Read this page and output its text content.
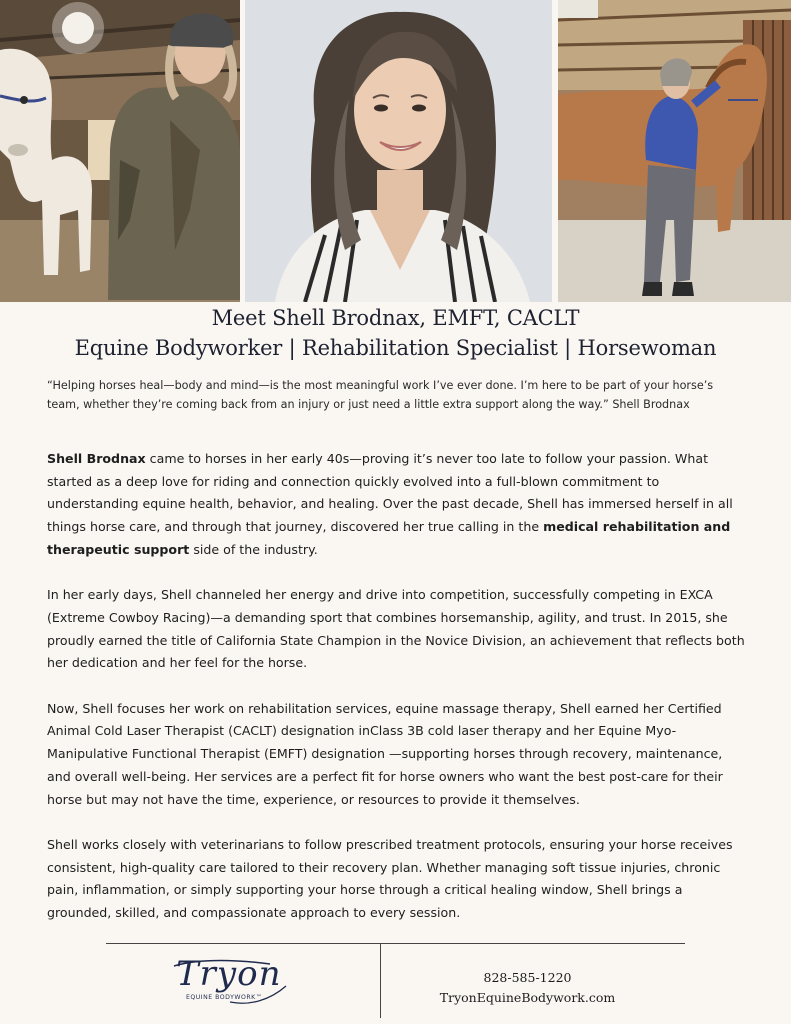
Meet Shell Brodnax, EMFT, CACLT
Equine Bodyworker | Rehabilitation Specialist | Horsewoman
“Helping horses heal—body and mind—is the most meaningful work I’ve ever done. I’m here to be part of your horse’s team, whether they’re coming back from an injury or just need a little extra support along the way.” Shell Brodnax

Shell Brodnax came to horses in her early 40s—proving it’s never too late to follow your passion. What started as a deep love for riding and connection quickly evolved into a full-blown commitment to understanding equine health, behavior, and healing. Over the past decade, Shell has immersed herself in all things horse care, and through that journey, discovered her true calling in the medical rehabilitation and therapeutic support side of the industry.

In her early days, Shell channeled her energy and drive into competition, successfully competing in EXCA (Extreme Cowboy Racing)—a demanding sport that combines horsemanship, agility, and trust. In 2015, she proudly earned the title of California State Champion in the Novice Division, an achievement that reflects both her dedication and her feel for the horse.

Now, Shell focuses her work on rehabilitation services, equine massage therapy, Shell earned her Certified Animal Cold Laser Therapist (CACLT) designation inClass 3B cold laser therapy and her Equine Myo-Manipulative Functional Therapist (EMFT) designation —supporting horses through recovery, maintenance, and overall well-being. Her services are a perfect fit for horse owners who want the best post-care for their horse but may not have the time, experience, or resources to provide it themselves.

Shell works closely with veterinarians to follow prescribed treatment protocols, ensuring your horse receives consistent, high-quality care tailored to their recovery plan. Whether managing soft tissue injuries, chronic pain, inflammation, or simply supporting your horse through a critical healing window, Shell brings a grounded, skilled, and compassionate approach to every session.

Tryon
EQUINE BODYWORK™
828-585-1220
TryonEquineBodywork.com
